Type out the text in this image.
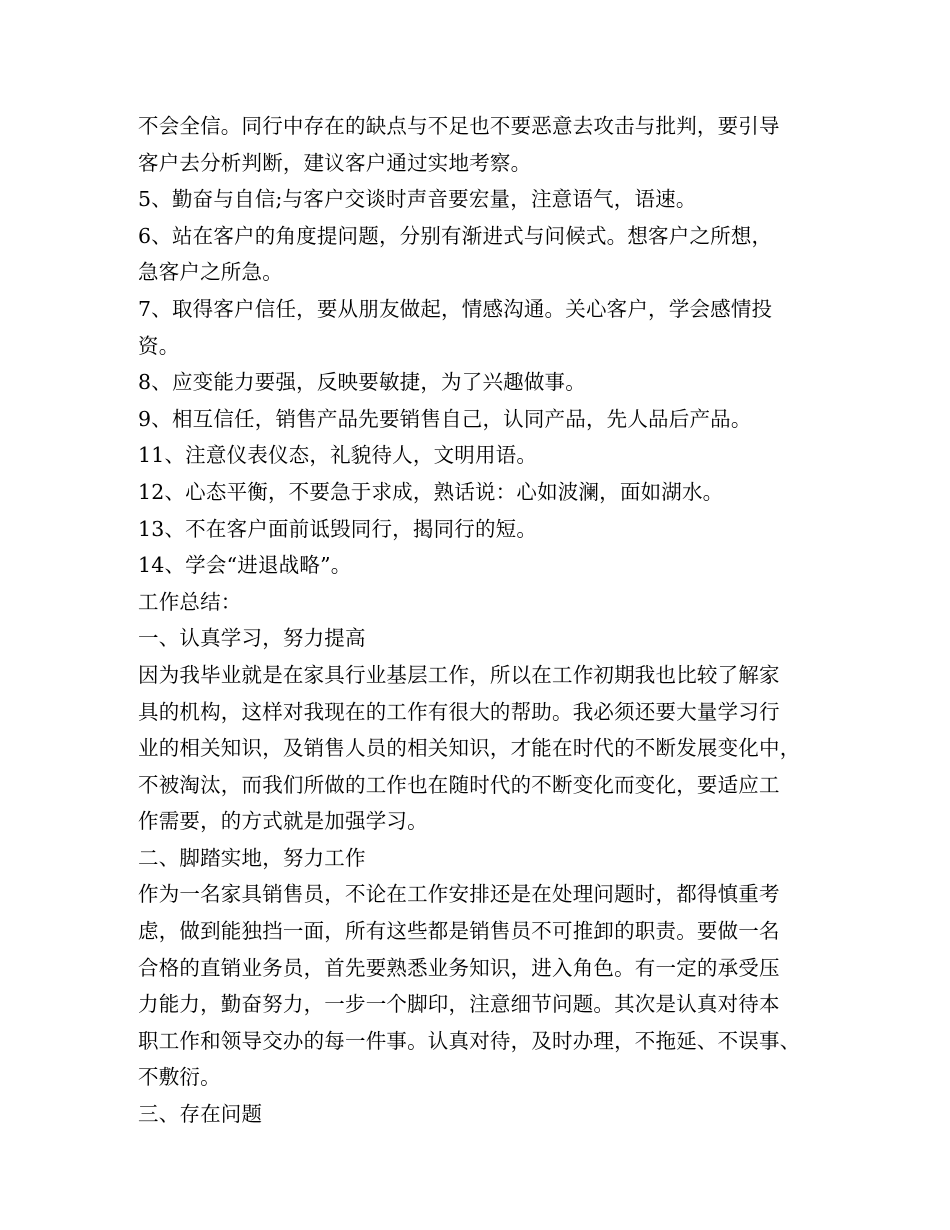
不会全信。同行中存在的缺点与不足也不要恶意去攻击与批判，要引导
客户去分析判断，建议客户通过实地考察。
5、勤奋与自信;与客户交谈时声音要宏量，注意语气，语速。
6、站在客户的角度提问题，分别有渐进式与问候式。想客户之所想，
急客户之所急。
7、取得客户信任，要从朋友做起，情感沟通。关心客户，学会感情投
资。
8、应变能力要强，反映要敏捷，为了兴趣做事。
9、相互信任，销售产品先要销售自己，认同产品，先人品后产品。
11、注意仪表仪态，礼貌待人，文明用语。
12、心态平衡，不要急于求成，熟话说：心如波澜，面如湖水。
13、不在客户面前诋毁同行，揭同行的短。
14、学会“进退战略”。
工作总结：
一、认真学习，努力提高
因为我毕业就是在家具行业基层工作，所以在工作初期我也比较了解家
具的机构，这样对我现在的工作有很大的帮助。我必须还要大量学习行
业的相关知识，及销售人员的相关知识，才能在时代的不断发展变化中，
不被淘汰，而我们所做的工作也在随时代的不断变化而变化，要适应工
作需要，的方式就是加强学习。
二、脚踏实地，努力工作
作为一名家具销售员，不论在工作安排还是在处理问题时，都得慎重考
虑，做到能独挡一面，所有这些都是销售员不可推卸的职责。要做一名
合格的直销业务员，首先要熟悉业务知识，进入角色。有一定的承受压
力能力，勤奋努力，一步一个脚印，注意细节问题。其次是认真对待本
职工作和领导交办的每一件事。认真对待，及时办理，不拖延、不误事、
不敷衍。
三、存在问题
